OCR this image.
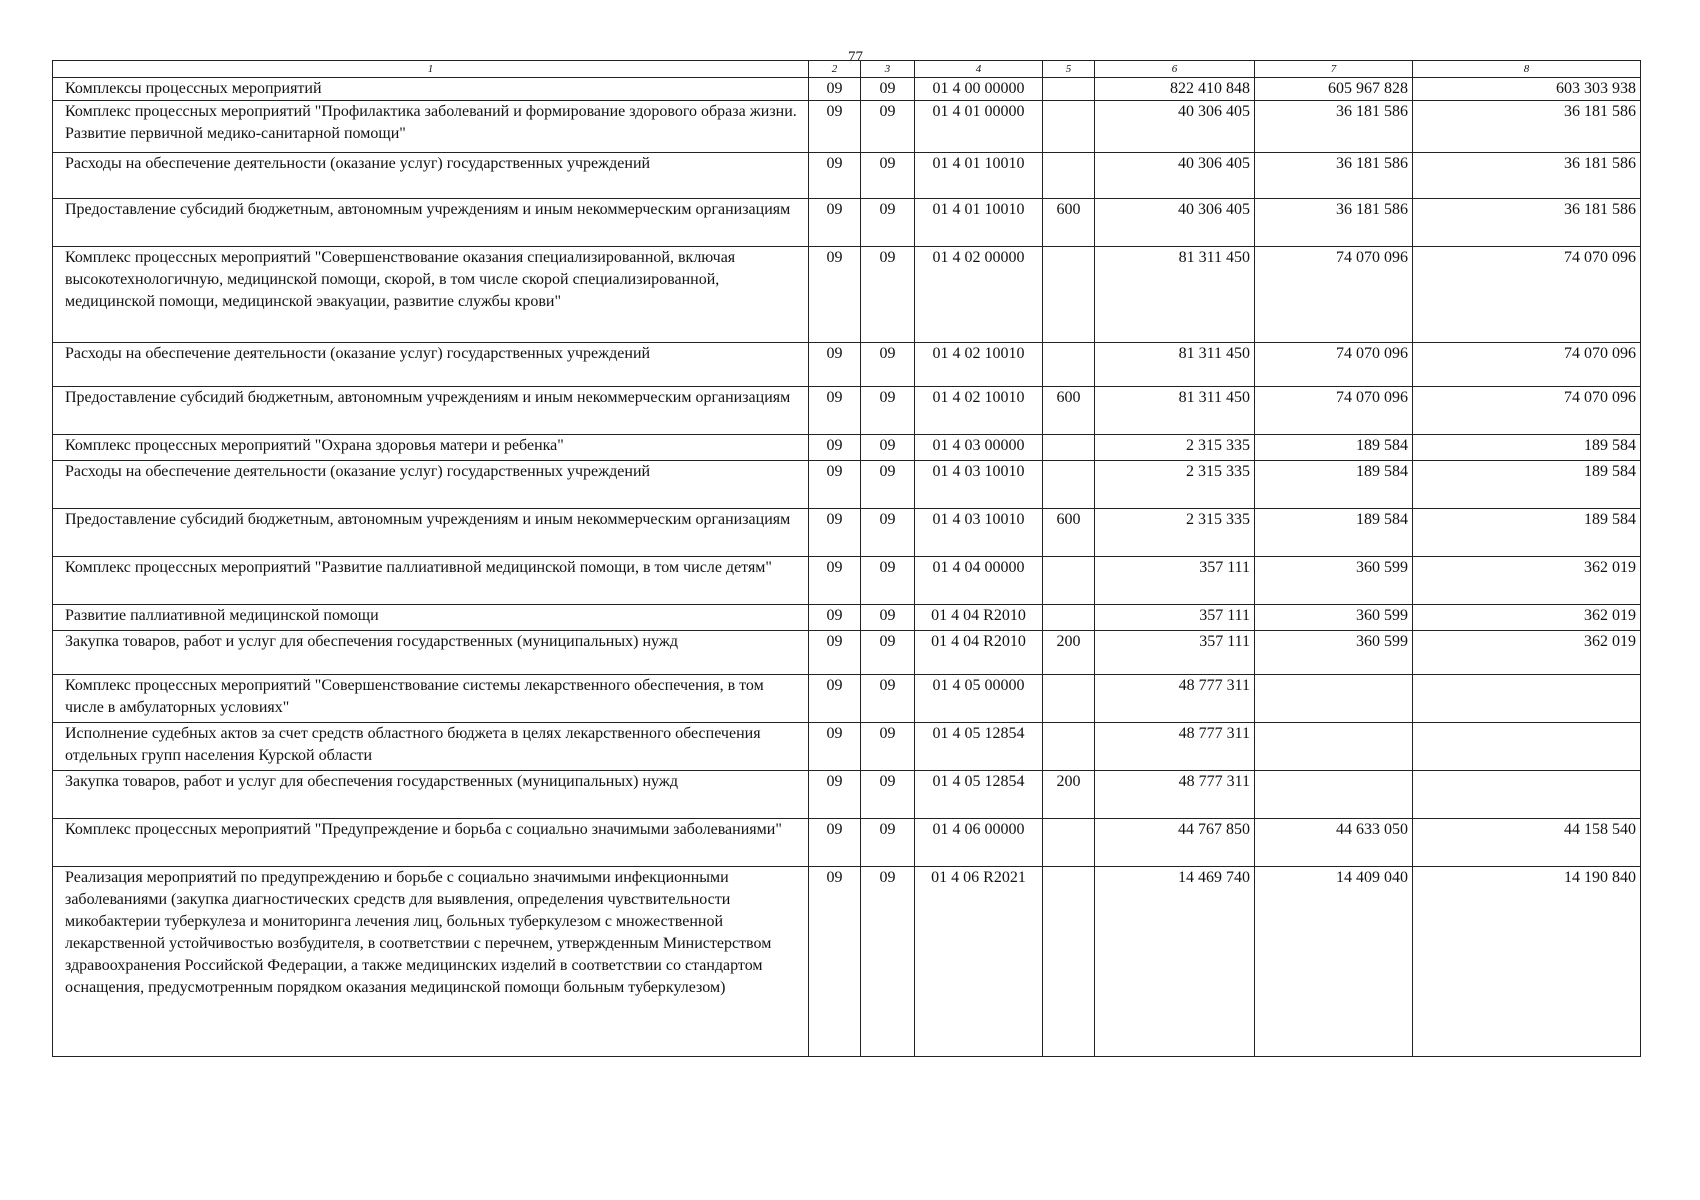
77
1	2	3	4	5	6	7	8
Комплексы процессных мероприятий	09	09	01 4 00 00000		822 410 848	605 967 828	603 303 938
Комплекс процессных мероприятий "Профилактика заболеваний и формирование здорового образа жизни. Развитие первичной медико-санитарной помощи"	09	09	01 4 01 00000		40 306 405	36 181 586	36 181 586
Расходы на обеспечение деятельности (оказание услуг) государственных учреждений	09	09	01 4 01 10010		40 306 405	36 181 586	36 181 586
Предоставление субсидий бюджетным, автономным учреждениям и иным некоммерческим организациям	09	09	01 4 01 10010	600	40 306 405	36 181 586	36 181 586
Комплекс процессных мероприятий "Совершенствование оказания специализированной, включая высокотехнологичную, медицинской помощи, скорой, в том числе скорой специализированной, медицинской помощи, медицинской эвакуации, развитие службы крови"	09	09	01 4 02 00000		81 311 450	74 070 096	74 070 096
Расходы на обеспечение деятельности (оказание услуг) государственных учреждений	09	09	01 4 02 10010		81 311 450	74 070 096	74 070 096
Предоставление субсидий бюджетным, автономным учреждениям и иным некоммерческим организациям	09	09	01 4 02 10010	600	81 311 450	74 070 096	74 070 096
Комплекс процессных мероприятий "Охрана здоровья матери и ребенка"	09	09	01 4 03 00000		2 315 335	189 584	189 584
Расходы на обеспечение деятельности (оказание услуг) государственных учреждений	09	09	01 4 03 10010		2 315 335	189 584	189 584
Предоставление субсидий бюджетным, автономным учреждениям и иным некоммерческим организациям	09	09	01 4 03 10010	600	2 315 335	189 584	189 584
Комплекс процессных мероприятий "Развитие паллиативной медицинской помощи, в том числе детям"	09	09	01 4 04 00000		357 111	360 599	362 019
Развитие паллиативной медицинской помощи	09	09	01 4 04 R2010		357 111	360 599	362 019
Закупка товаров, работ и услуг для обеспечения государственных (муниципальных) нужд	09	09	01 4 04 R2010	200	357 111	360 599	362 019
Комплекс процессных мероприятий "Совершенствование системы лекарственного обеспечения, в том числе в амбулаторных условиях"	09	09	01 4 05 00000		48 777 311		
Исполнение судебных актов за счет средств областного бюджета в целях лекарственного обеспечения отдельных групп населения Курской области	09	09	01 4 05 12854		48 777 311		
Закупка товаров, работ и услуг для обеспечения государственных (муниципальных) нужд	09	09	01 4 05 12854	200	48 777 311		
Комплекс процессных мероприятий "Предупреждение и борьба с социально значимыми заболеваниями"	09	09	01 4 06 00000		44 767 850	44 633 050	44 158 540
Реализация мероприятий по предупреждению и борьбе с социально значимыми инфекционными заболеваниями (закупка диагностических средств для выявления, определения чувствительности микобактерии туберкулеза и мониторинга лечения лиц, больных туберкулезом с множественной лекарственной устойчивостью возбудителя, в соответствии с перечнем, утвержденным Министерством здравоохранения Российской Федерации, а также медицинских изделий в соответствии со стандартом оснащения, предусмотренным порядком оказания медицинской помощи больным туберкулезом)	09	09	01 4 06 R2021		14 469 740	14 409 040	14 190 840
